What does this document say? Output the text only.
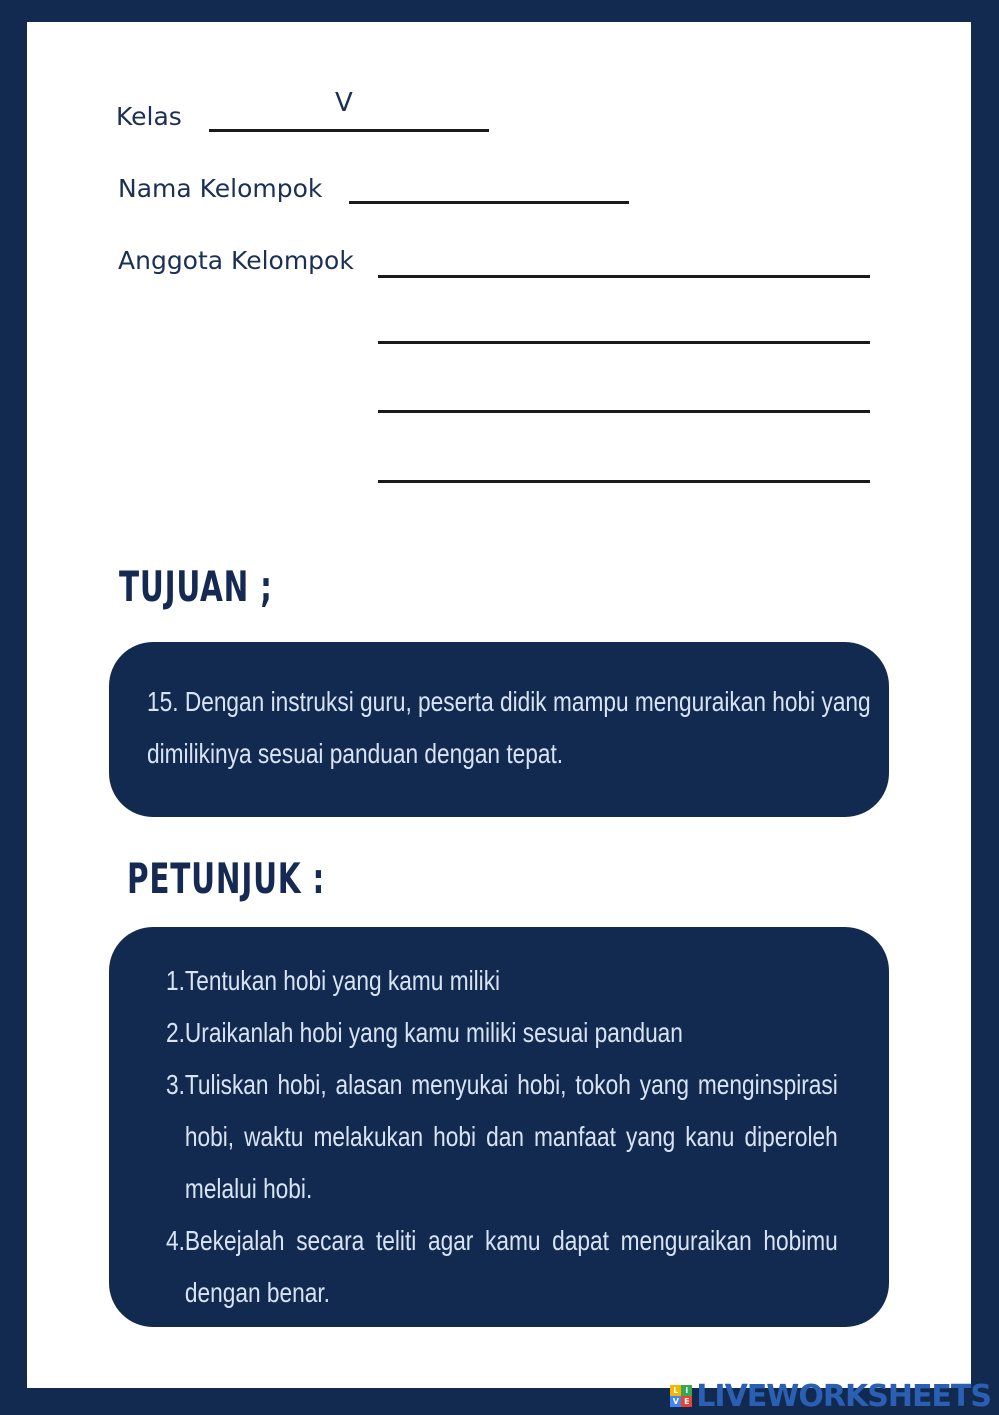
Kelas	V
Nama Kelompok
Anggota Kelompok
TUJUAN ;
15. Dengan instruksi guru, peserta didik mampu menguraikan hobi yang dimilikinya sesuai panduan dengan tepat.
PETUNJUK :
1. Tentukan hobi yang kamu miliki
2. Uraikanlah hobi yang kamu miliki sesuai panduan
3. Tuliskan hobi, alasan menyukai hobi, tokoh yang menginspirasi hobi, waktu melakukan hobi dan manfaat yang kanu diperoleh melalui hobi.
4. Bekejalah secara teliti agar kamu dapat menguraikan hobimu dengan benar.
L I
V E LIVEWORKSHEETS
